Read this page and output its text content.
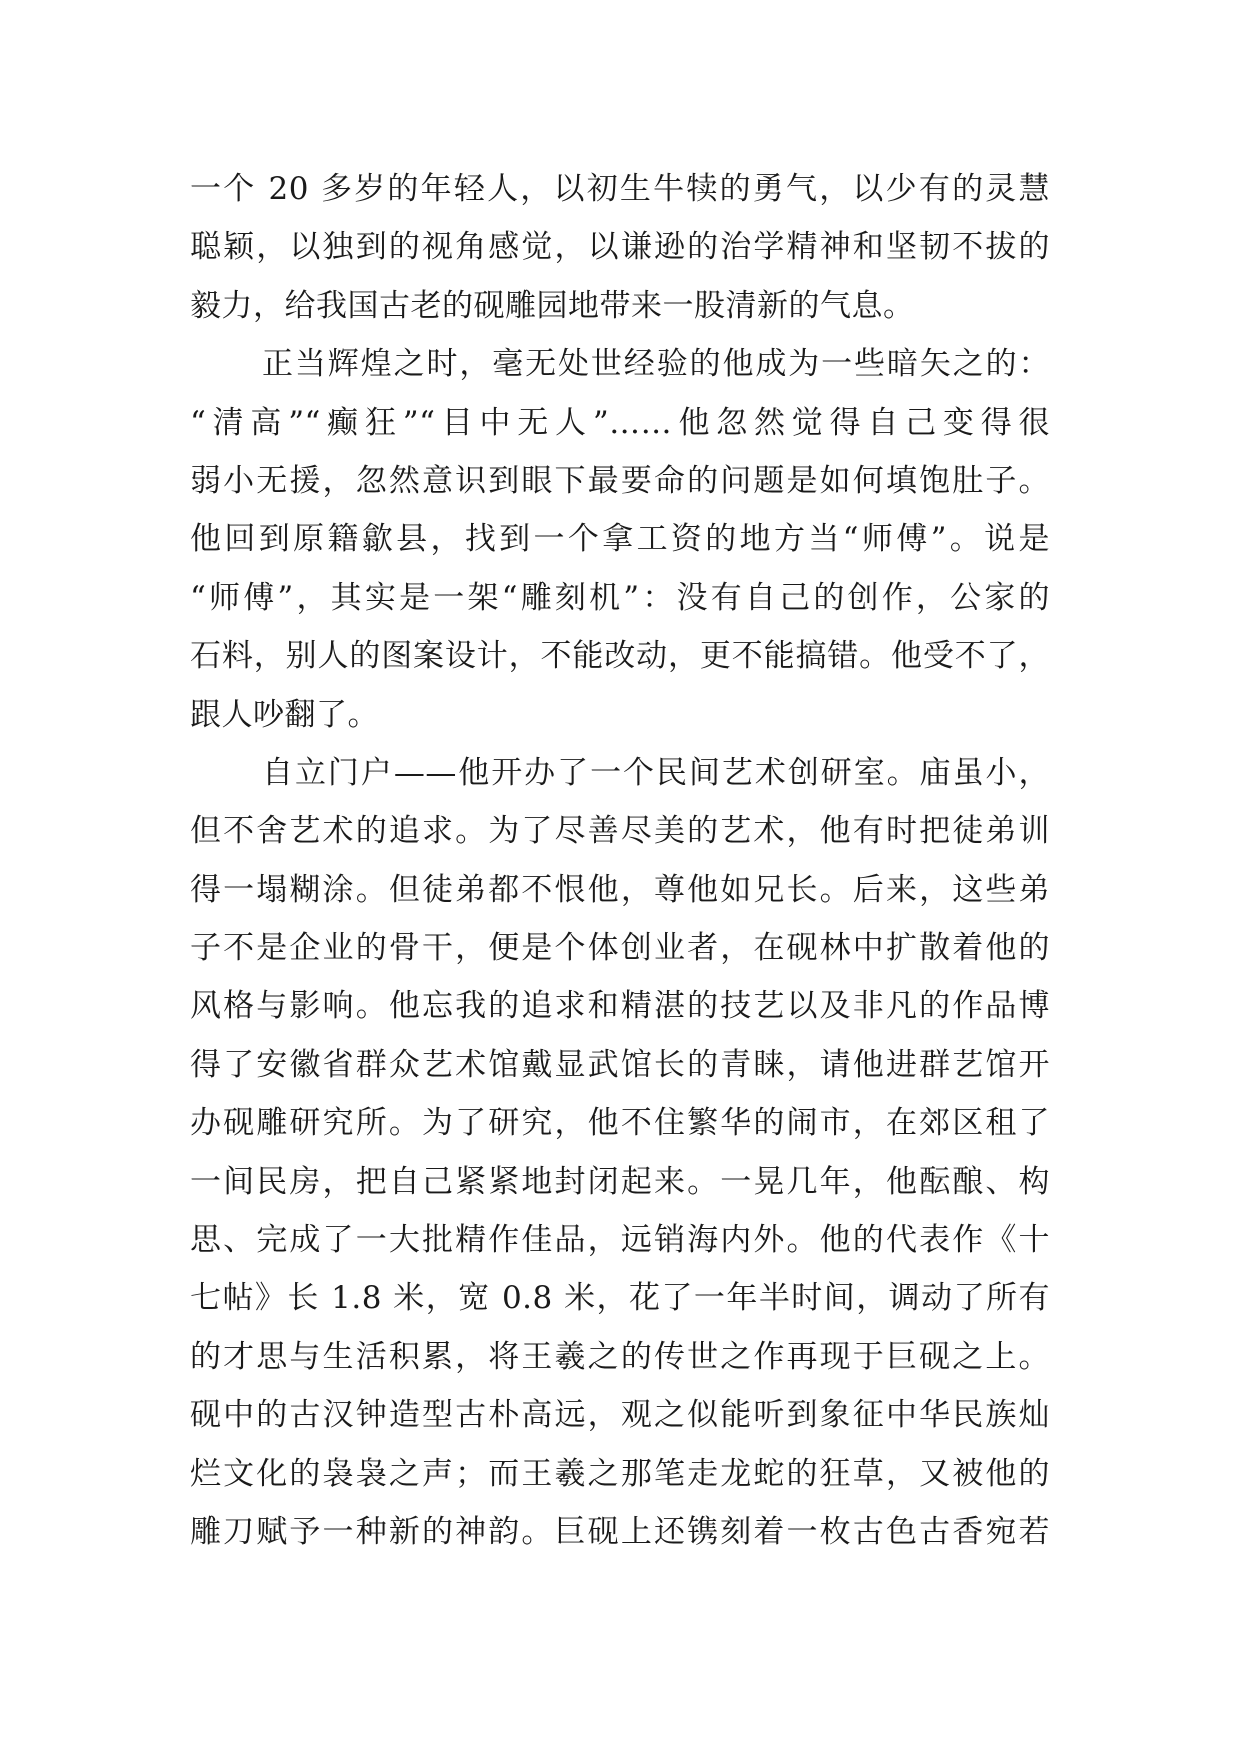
一个 20 多岁的年轻人，以初生牛犊的勇气，以少有的灵慧
聪颖，以独到的视角感觉，以谦逊的治学精神和坚韧不拔的
毅力，给我国古老的砚雕园地带来一股清新的气息。
正当辉煌之时，毫无处世经验的他成为一些暗矢之的：
“清高”“癫狂”“目中无人”……他忽然觉得自己变得很
弱小无援，忽然意识到眼下最要命的问题是如何填饱肚子。
他回到原籍歙县，找到一个拿工资的地方当“师傅”。说是
“师傅”，其实是一架“雕刻机”：没有自己的创作，公家的
石料，别人的图案设计，不能改动，更不能搞错。他受不了，
跟人吵翻了。
自立门户——他开办了一个民间艺术创研室。庙虽小，
但不舍艺术的追求。为了尽善尽美的艺术，他有时把徒弟训
得一塌糊涂。但徒弟都不恨他，尊他如兄长。后来，这些弟
子不是企业的骨干，便是个体创业者，在砚林中扩散着他的
风格与影响。他忘我的追求和精湛的技艺以及非凡的作品博
得了安徽省群众艺术馆戴显武馆长的青睐，请他进群艺馆开
办砚雕研究所。为了研究，他不住繁华的闹市，在郊区租了
一间民房，把自己紧紧地封闭起来。一晃几年，他酝酿、构
思、完成了一大批精作佳品，远销海内外。他的代表作《十
七帖》长 1.8 米，宽 0.8 米，花了一年半时间，调动了所有
的才思与生活积累，将王羲之的传世之作再现于巨砚之上。
砚中的古汉钟造型古朴高远，观之似能听到象征中华民族灿
烂文化的袅袅之声；而王羲之那笔走龙蛇的狂草，又被他的
雕刀赋予一种新的神韵。巨砚上还镌刻着一枚古色古香宛若
